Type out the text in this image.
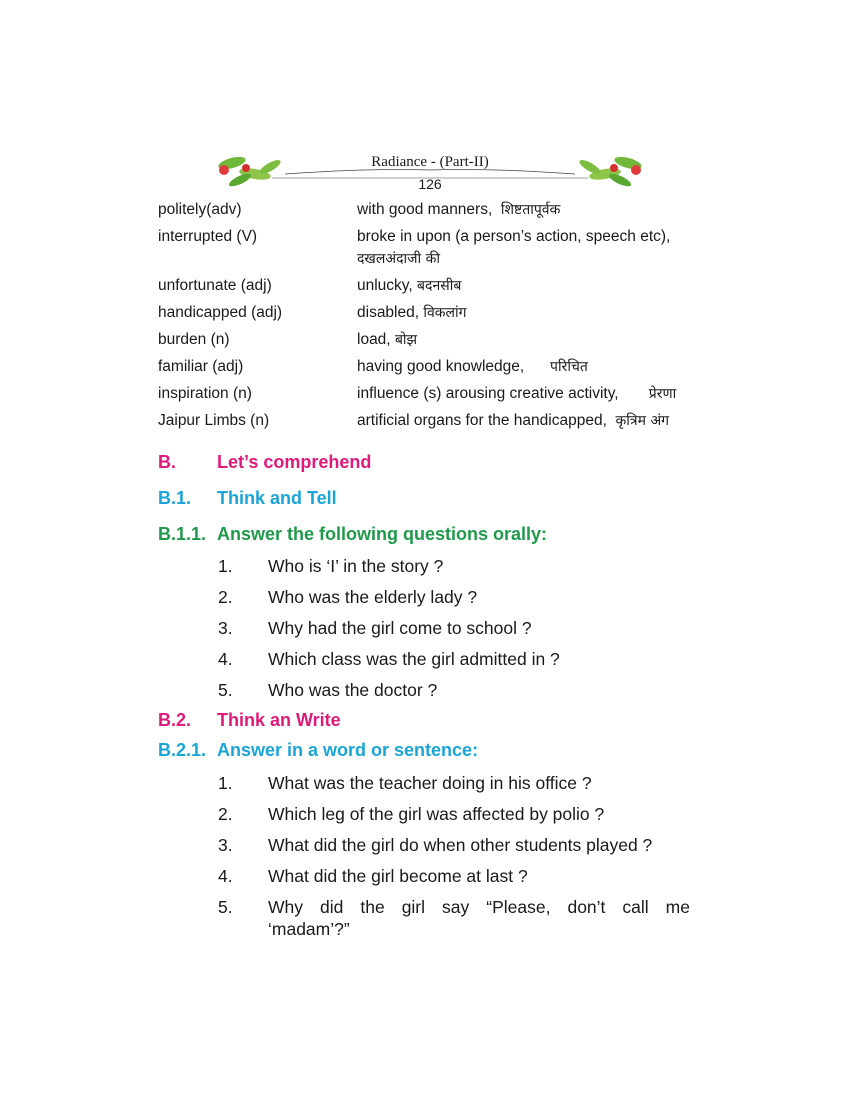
Radiance - (Part-II)
126
politely(adv)	with good manners, शिष्टतापूर्वक
interrupted (V)	broke in upon (a person’s action, speech etc),
दखलअंदाजी की
unfortunate (adj)	unlucky, बदनसीब
handicapped (adj)	disabled, विकलांग
burden (n)	load, बोझ
familiar (adj)	having good knowledge, परिचित
inspiration (n)	influence (s) arousing creative activity, प्रेरणा
Jaipur Limbs (n)	artificial organs for the handicapped, कृत्रिम अंग
B. Let’s comprehend
B.1. Think and Tell
B.1.1. Answer the following questions orally:
1. Who is ‘I’ in the story ?
2. Who was the elderly lady ?
3. Why had the girl come to school ?
4. Which class was the girl admitted in ?
5. Who was the doctor ?
B.2. Think an Write
B.2.1. Answer in a word or sentence:
1. What was the teacher doing in his office ?
2. Which leg of the girl was affected by polio ?
3. What did the girl do when other students played ?
4. What did the girl become at last ?
5. Why did the girl say “Please, don’t call me ‘madam’?”
